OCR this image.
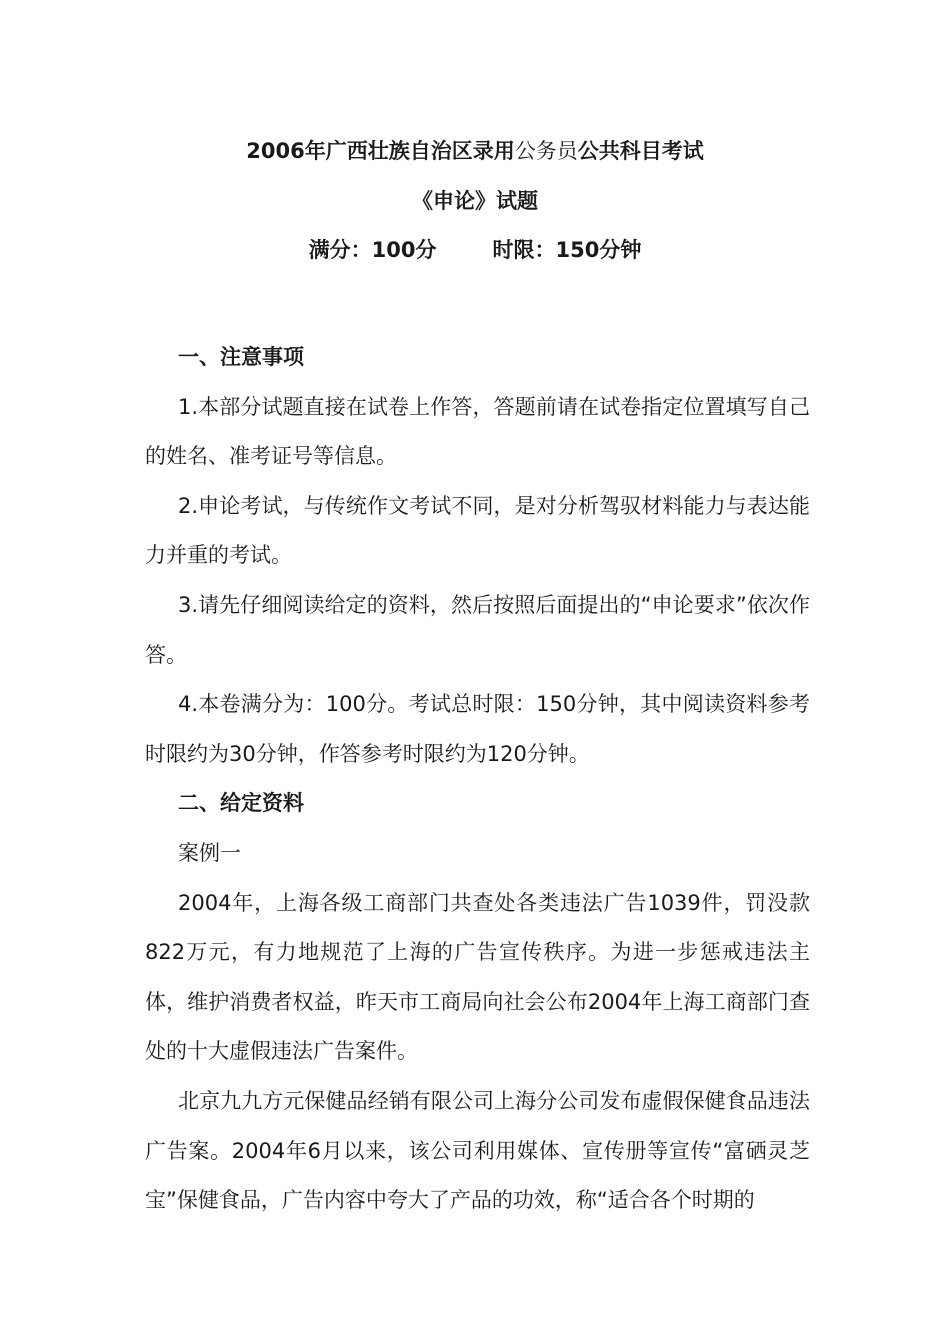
2006年广西壮族自治区录用公务员公共科目考试
《申论》试题
满分：100分	时限：150分钟

一、注意事项

1.本部分试题直接在试卷上作答，答题前请在试卷指定位置填写自己的姓名、准考证号等信息。

2.申论考试，与传统作文考试不同，是对分析驾驭材料能力与表达能力并重的考试。

3.请先仔细阅读给定的资料，然后按照后面提出的“申论要求”依次作答。

4.本卷满分为：100分。考试总时限：150分钟，其中阅读资料参考时限约为30分钟，作答参考时限约为120分钟。

二、给定资料

案例一

2004年，上海各级工商部门共查处各类违法广告1039件，罚没款822万元，有力地规范了上海的广告宣传秩序。为进一步惩戒违法主体，维护消费者权益，昨天市工商局向社会公布2004年上海工商部门查处的十大虚假违法广告案件。

北京九九方元保健品经销有限公司上海分公司发布虚假保健食品违法广告案。2004年6月以来，该公司利用媒体、宣传册等宣传“富硒灵芝宝”保健食品，广告内容中夸大了产品的功效，称“适合各个时期的
